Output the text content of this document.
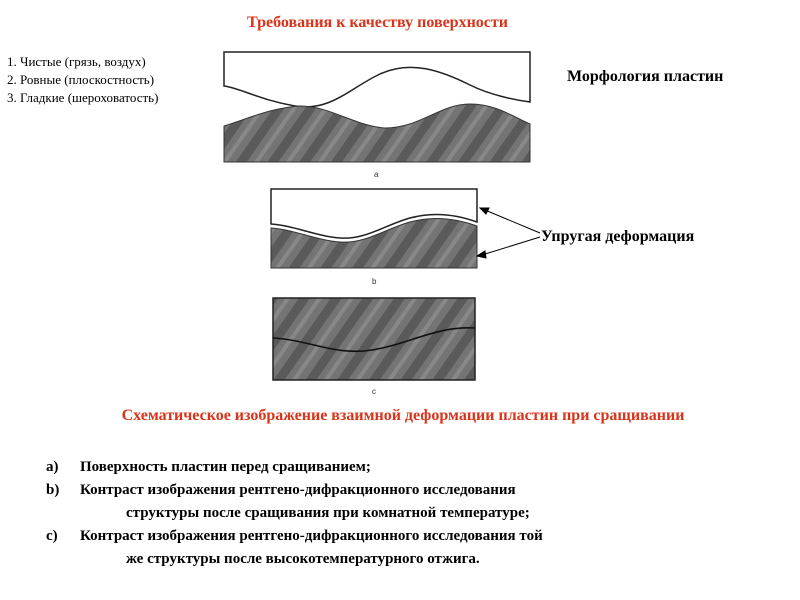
Требования к качеству поверхности
1. Чистые (грязь, воздух)
2. Ровные (плоскостность)
3. Гладкие (шероховатость)
Морфология пластин
Упругая деформация
a
b
c
Схематическое изображение взаимной деформации пластин при сращивании
a) Поверхность пластин перед сращиванием;
b) Контраст изображения рентгено-дифракционного исследования
структуры после сращивания при комнатной температуре;
c) Контраст изображения рентгено-дифракционного исследования той
же структуры после высокотемпературного отжига.
